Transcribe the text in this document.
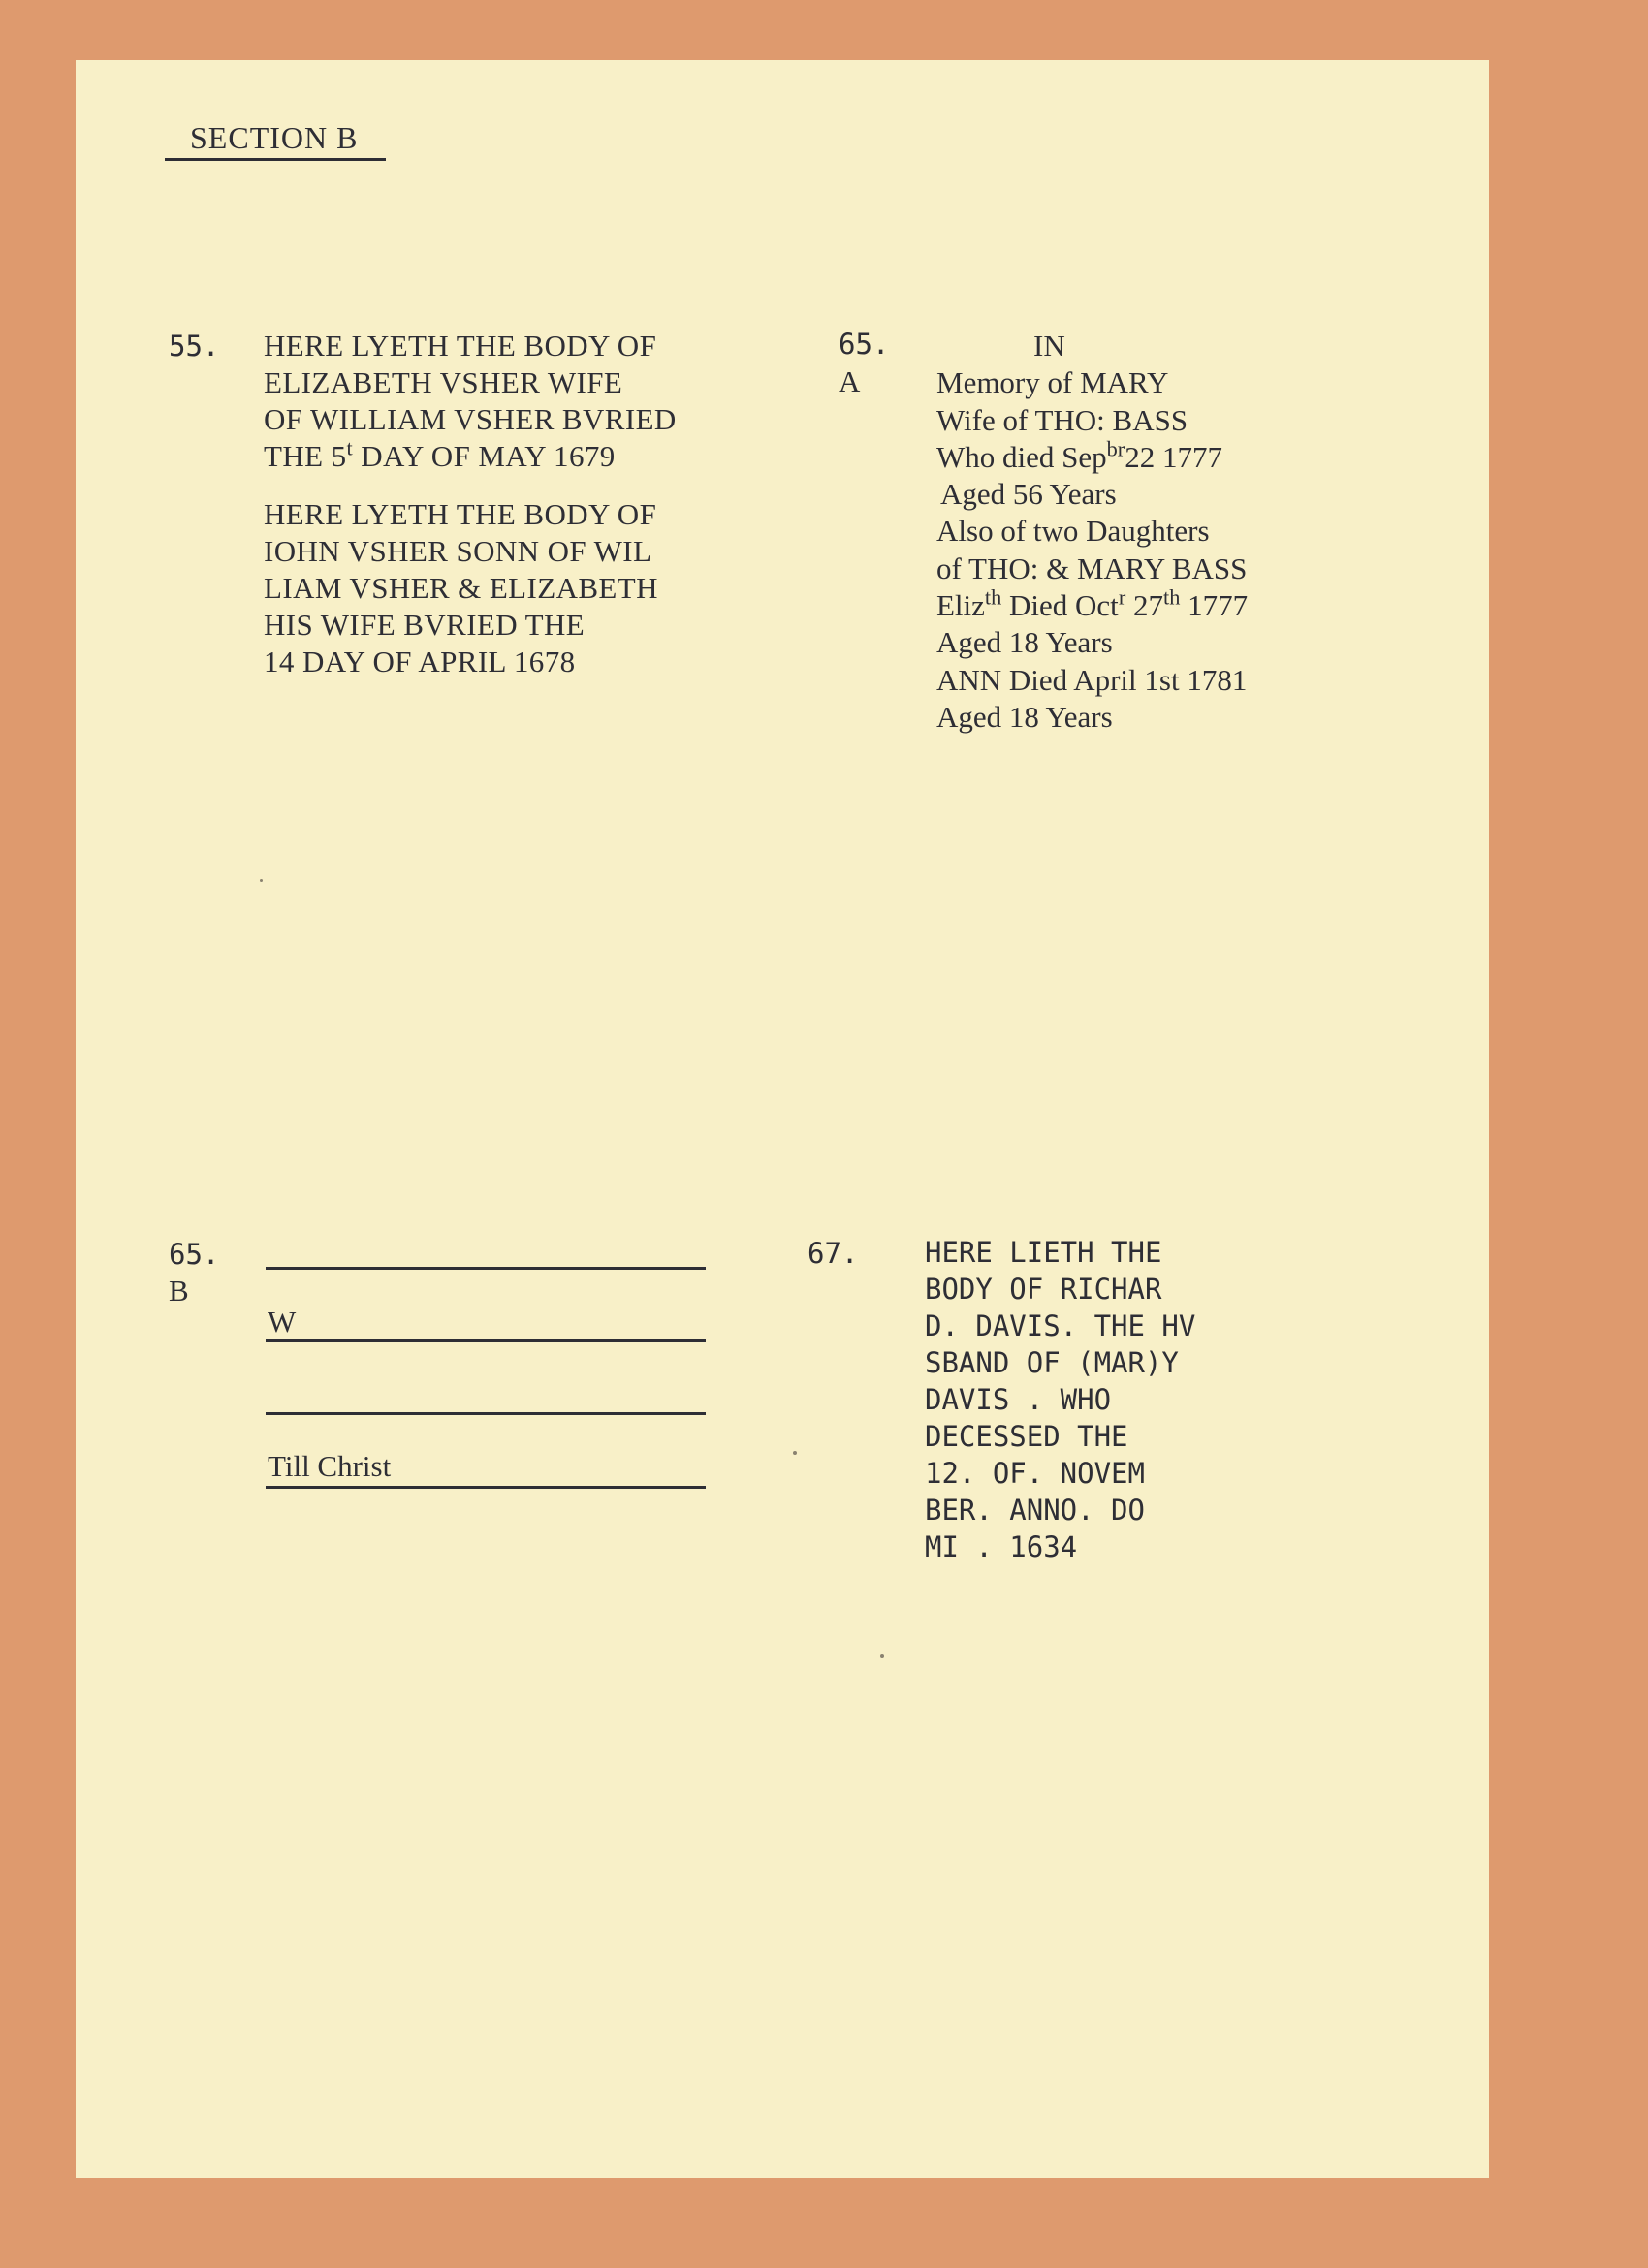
SECTION B
55. HERE LYETH THE BODY OF
ELIZABETH VSHER WIFE
OF WILLIAM VSHER BVRIED
THE 5$^t$ DAY OF MAY 1679
HERE LYETH THE BODY OF
IOHN VSHER SONN OF WIL
LIAM VSHER & ELIZABETH
HIS WIFE BVRIED THE
14 DAY OF APRIL 1678
65.
A
IN
Memory of MARY
Wife of THO: BASS
Who died Sep$^{br}$22 1777
Aged 56 Years
Also of two Daughters
of THO: & MARY BASS
Eliz$^{th}$ Died Oct$^r$ 27th 1777
Aged 18 Years
ANN Died April 1st 1781
Aged 18 Years
65.
B
W
Till Christ
67. HERE LIETH THE
BODY OF RICHAR
D. DAVIS. THE HV
SBAND OF (MAR)Y
DAVIS . WHO
DECESSED THE
12. OF. NOVEM
BER. ANNO. DO
MI . 1634
